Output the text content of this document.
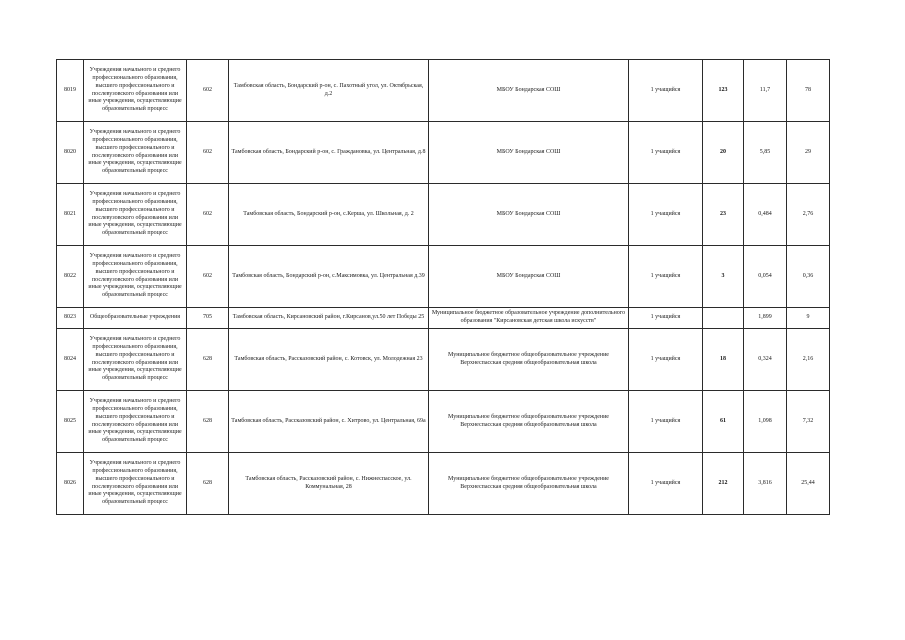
8019	Учреждения начального и среднего профессионального образования, высшего профессионального и послевузовского образования или иные учреждения, осуществляющие образовательный процесс	602	Тамбовская область, Бондарский р-он, с. Пахотный угол, ул. Октябрьская, д.2	МБОУ Бондарская СОШ	1 учащийся	123	11,7	78
8020	Учреждения начального и среднего профессионального образования, высшего профессионального и послевузовского образования или иные учреждения, осуществляющие образовательный процесс	602	Тамбовская область, Бондарский р-он, с. Граждановка, ул. Центральная, д.8	МБОУ Бондарская СОШ	1 учащийся	20	5,85	29
8021	Учреждения начального и среднего профессионального образования, высшего профессионального и послевузовского образования или иные учреждения, осуществляющие образовательный процесс	602	Тамбовская область, Бондарский р-он, с.Керша, ул. Школьная, д. 2	МБОУ Бондарская СОШ	1 учащийся	23	0,484	2,76
8022	Учреждения начального и среднего профессионального образования, высшего профессионального и послевузовского образования или иные учреждения, осуществляющие образовательный процесс	602	Тамбовская область, Бондарский р-он, с.Максимовка, ул. Центральная д.39	МБОУ Бондарская СОШ	1 учащийся	3	0,054	0,36
8023	Общеобразовательные учреждения	705	Тамбовская область, Кирсановский район, г.Кирсанов,ул.50 лет Победы 25	Муниципальное бюджетное образовательное учреждение дополнительного образования "Кирсановская детская школа искусств"	1 учащийся		1,899	9
8024	Учреждения начального и среднего профессионального образования, высшего профессионального и послевузовского образования или иные учреждения, осуществляющие образовательный процесс	628	Тамбовская область, Рассказовский район, с. Котовск, ул. Молодежная 23	Муниципальное бюджетное общеобразовательное учреждение Верхнеспасская средняя общеобразовательная школа	1 учащийся	18	0,324	2,16
8025	Учреждения начального и среднего профессионального образования, высшего профессионального и послевузовского образования или иные учреждения, осуществляющие образовательный процесс	628	Тамбовская область, Рассказовский район, с. Хитрово, ул. Центральная, 69а	Муниципальное бюджетное общеобразовательное учреждение Верхнеспасская средняя общеобразовательная школа	1 учащийся	61	1,098	7,32
8026	Учреждения начального и среднего профессионального образования, высшего профессионального и послевузовского образования или иные учреждения, осуществляющие образовательный процесс	628	Тамбовская область, Рассказовский район, с. Нижнеспасское, ул. Коммунальная, 28	Муниципальное бюджетное общеобразовательное учреждение Верхнеспасская средняя общеобразовательная школа	1 учащийся	212	3,816	25,44
